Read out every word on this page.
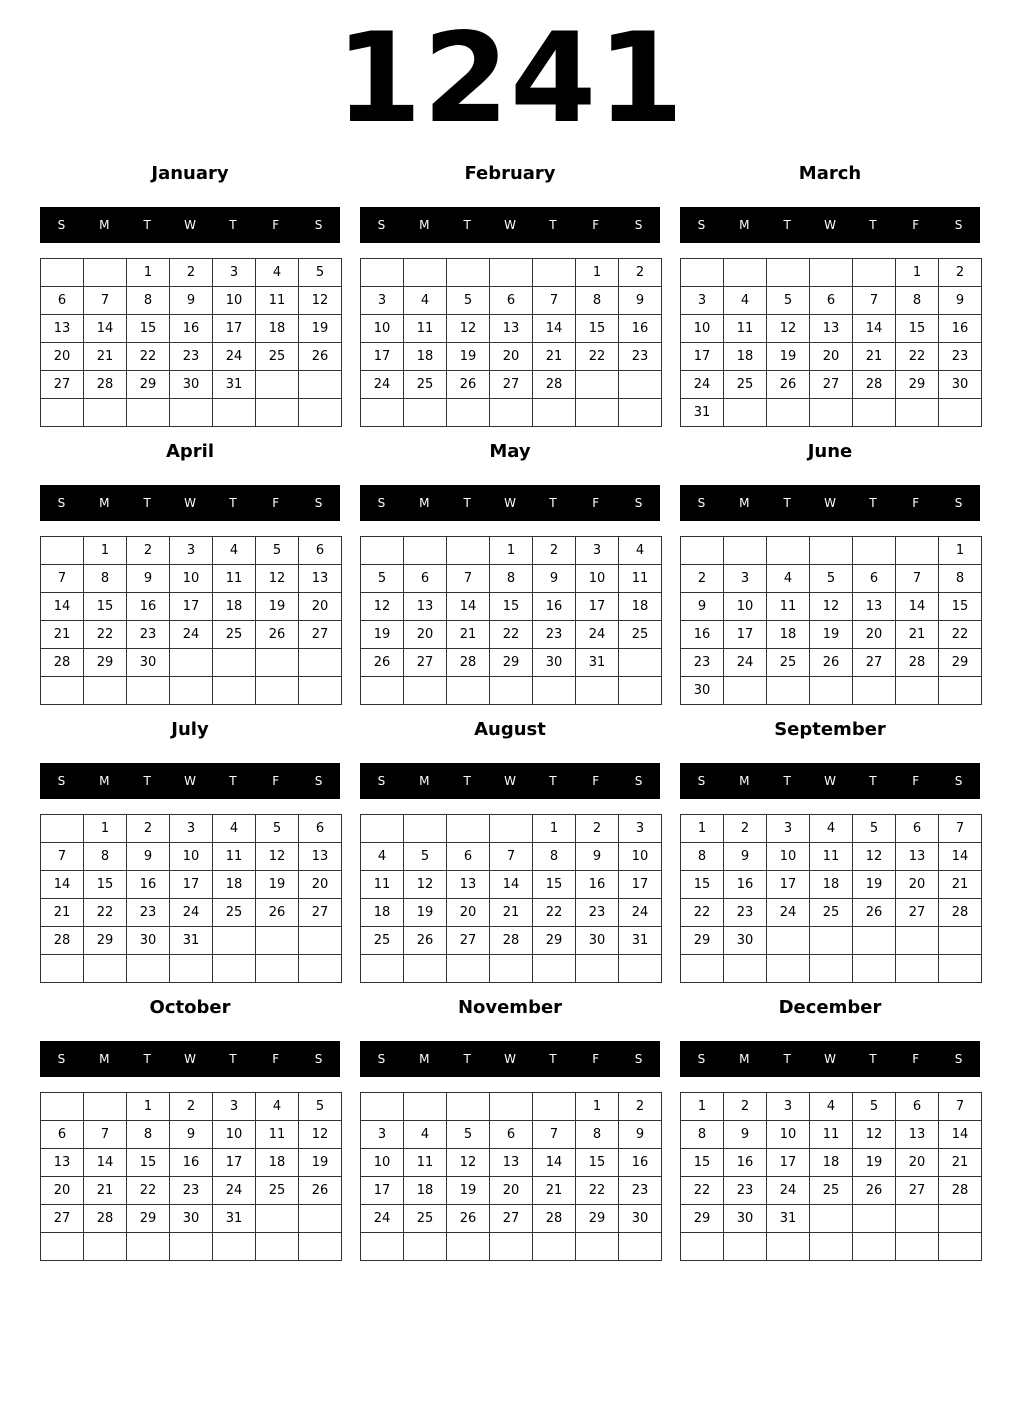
1241
January
S	M	T	W	T	F	S
		1	2	3	4	5
6	7	8	9	10	11	12
13	14	15	16	17	18	19
20	21	22	23	24	25	26
27	28	29	30	31		

February
S	M	T	W	T	F	S
					1	2
3	4	5	6	7	8	9
10	11	12	13	14	15	16
17	18	19	20	21	22	23
24	25	26	27	28		

March
S	M	T	W	T	F	S
					1	2
3	4	5	6	7	8	9
10	11	12	13	14	15	16
17	18	19	20	21	22	23
24	25	26	27	28	29	30
31						
April
S	M	T	W	T	F	S
	1	2	3	4	5	6
7	8	9	10	11	12	13
14	15	16	17	18	19	20
21	22	23	24	25	26	27
28	29	30				

May
S	M	T	W	T	F	S
			1	2	3	4
5	6	7	8	9	10	11
12	13	14	15	16	17	18
19	20	21	22	23	24	25
26	27	28	29	30	31	

June
S	M	T	W	T	F	S
						1
2	3	4	5	6	7	8
9	10	11	12	13	14	15
16	17	18	19	20	21	22
23	24	25	26	27	28	29
30						
July
S	M	T	W	T	F	S
	1	2	3	4	5	6
7	8	9	10	11	12	13
14	15	16	17	18	19	20
21	22	23	24	25	26	27
28	29	30	31			

August
S	M	T	W	T	F	S
				1	2	3
4	5	6	7	8	9	10
11	12	13	14	15	16	17
18	19	20	21	22	23	24
25	26	27	28	29	30	31

September
S	M	T	W	T	F	S
1	2	3	4	5	6	7
8	9	10	11	12	13	14
15	16	17	18	19	20	21
22	23	24	25	26	27	28
29	30					

October
S	M	T	W	T	F	S
		1	2	3	4	5
6	7	8	9	10	11	12
13	14	15	16	17	18	19
20	21	22	23	24	25	26
27	28	29	30	31		

November
S	M	T	W	T	F	S
					1	2
3	4	5	6	7	8	9
10	11	12	13	14	15	16
17	18	19	20	21	22	23
24	25	26	27	28	29	30

December
S	M	T	W	T	F	S
1	2	3	4	5	6	7
8	9	10	11	12	13	14
15	16	17	18	19	20	21
22	23	24	25	26	27	28
29	30	31				
